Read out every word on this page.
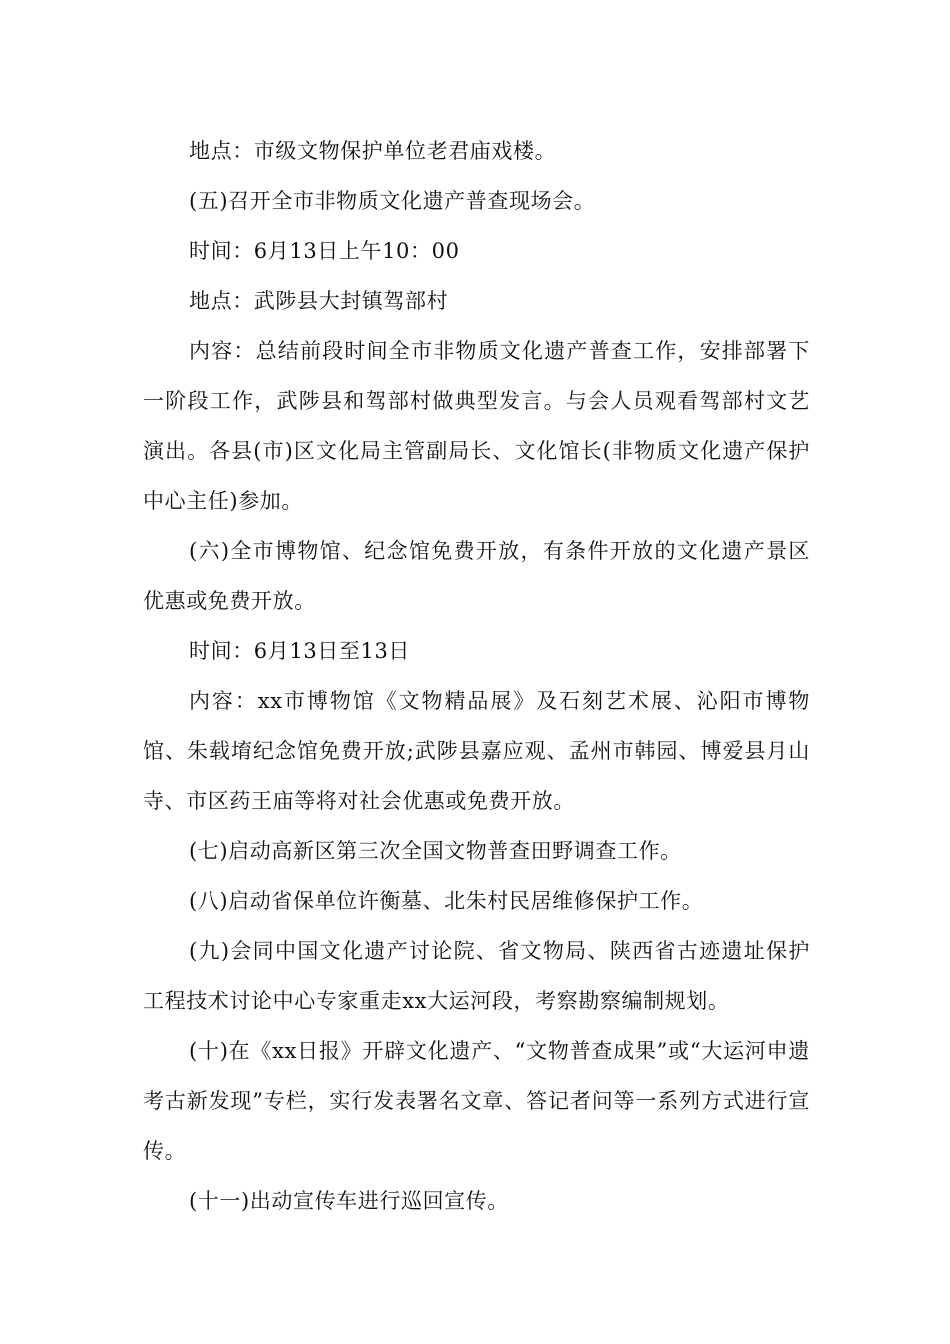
地点：市级文物保护单位老君庙戏楼。

(五)召开全市非物质文化遗产普查现场会。

时间：6月13日上午10：00

地点：武陟县大封镇驾部村

内容：总结前段时间全市非物质文化遗产普查工作，安排部署下一阶段工作，武陟县和驾部村做典型发言。与会人员观看驾部村文艺演出。各县(市)区文化局主管副局长、文化馆长(非物质文化遗产保护中心主任)参加。

(六)全市博物馆、纪念馆免费开放，有条件开放的文化遗产景区优惠或免费开放。

时间：6月13日至13日

内容：xx市博物馆《文物精品展》及石刻艺术展、沁阳市博物馆、朱载堉纪念馆免费开放;武陟县嘉应观、孟州市韩园、博爱县月山寺、市区药王庙等将对社会优惠或免费开放。

(七)启动高新区第三次全国文物普查田野调查工作。

(八)启动省保单位许衡墓、北朱村民居维修保护工作。

(九)会同中国文化遗产讨论院、省文物局、陕西省古迹遗址保护工程技术讨论中心专家重走xx大运河段，考察勘察编制规划。

(十)在《xx日报》开辟文化遗产、“文物普查成果”或“大运河申遗考古新发现”专栏，实行发表署名文章、答记者问等一系列方式进行宣传。

(十一)出动宣传车进行巡回宣传。
